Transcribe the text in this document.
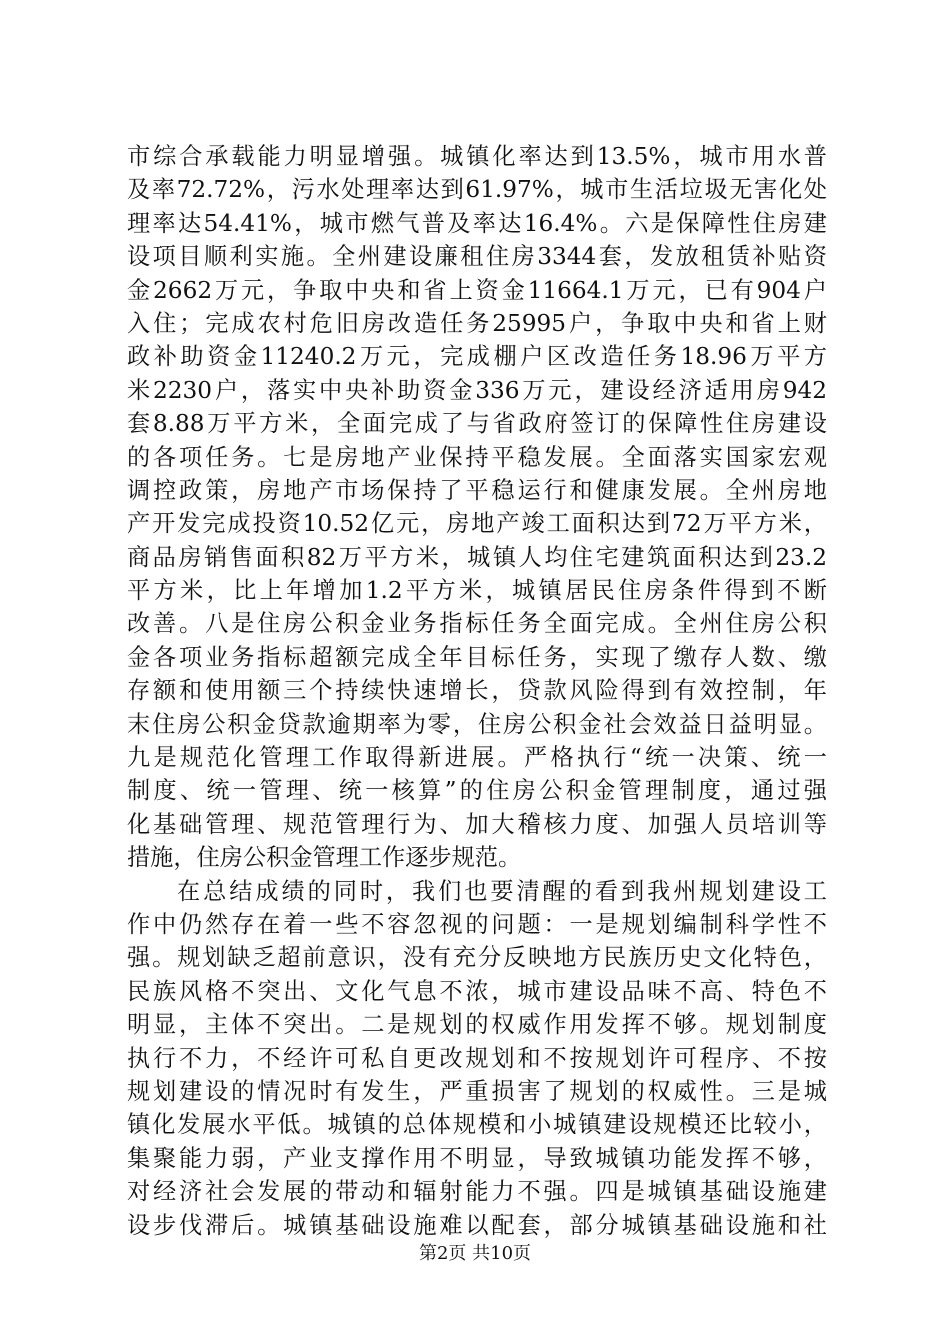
市综合承载能力明显增强。城镇化率达到13.5%，城市用水普
及率72.72%，污水处理率达到61.97%，城市生活垃圾无害化处
理率达54.41%，城市燃气普及率达16.4%。六是保障性住房建
设项目顺利实施。全州建设廉租住房3344套，发放租赁补贴资
金2662万元，争取中央和省上资金11664.1万元，已有904户
入住；完成农村危旧房改造任务25995户，争取中央和省上财
政补助资金11240.2万元，完成棚户区改造任务18.96万平方
米2230户，落实中央补助资金336万元，建设经济适用房942
套8.88万平方米，全面完成了与省政府签订的保障性住房建设
的各项任务。七是房地产业保持平稳发展。全面落实国家宏观
调控政策，房地产市场保持了平稳运行和健康发展。全州房地
产开发完成投资10.52亿元，房地产竣工面积达到72万平方米，
商品房销售面积82万平方米，城镇人均住宅建筑面积达到23.2
平方米，比上年增加1.2平方米，城镇居民住房条件得到不断
改善。八是住房公积金业务指标任务全面完成。全州住房公积
金各项业务指标超额完成全年目标任务，实现了缴存人数、缴
存额和使用额三个持续快速增长，贷款风险得到有效控制，年
末住房公积金贷款逾期率为零，住房公积金社会效益日益明显。
九是规范化管理工作取得新进展。严格执行“统一决策、统一
制度、统一管理、统一核算”的住房公积金管理制度，通过强
化基础管理、规范管理行为、加大稽核力度、加强人员培训等
措施，住房公积金管理工作逐步规范。
在总结成绩的同时，我们也要清醒的看到我州规划建设工
作中仍然存在着一些不容忽视的问题：一是规划编制科学性不
强。规划缺乏超前意识，没有充分反映地方民族历史文化特色，
民族风格不突出、文化气息不浓，城市建设品味不高、特色不
明显，主体不突出。二是规划的权威作用发挥不够。规划制度
执行不力，不经许可私自更改规划和不按规划许可程序、不按
规划建设的情况时有发生，严重损害了规划的权威性。三是城
镇化发展水平低。城镇的总体规模和小城镇建设规模还比较小，
集聚能力弱，产业支撑作用不明显，导致城镇功能发挥不够，
对经济社会发展的带动和辐射能力不强。四是城镇基础设施建
设步伐滞后。城镇基础设施难以配套，部分城镇基础设施和社
第2页 共10页
